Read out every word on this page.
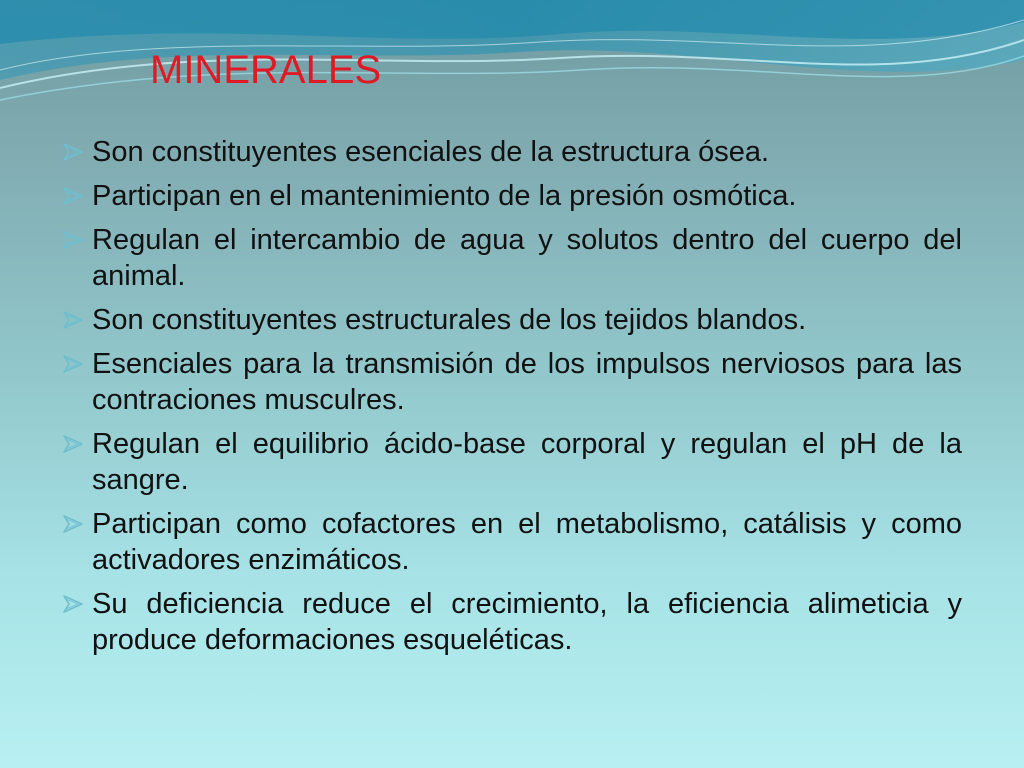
MINERALES
Son constituyentes esenciales de la estructura ósea.
Participan en el mantenimiento de la presión osmótica.
Regulan el intercambio de agua y solutos dentro del cuerpo del animal.
Son constituyentes estructurales de los tejidos blandos.
Esenciales para la transmisión de los impulsos nerviosos para las contraciones musculres.
Regulan el equilibrio ácido-base corporal y regulan el pH de la sangre.
Participan como cofactores en el metabolismo, catálisis y como activadores enzimáticos.
Su deficiencia reduce el crecimiento, la eficiencia alimeticia y produce deformaciones esqueléticas.
